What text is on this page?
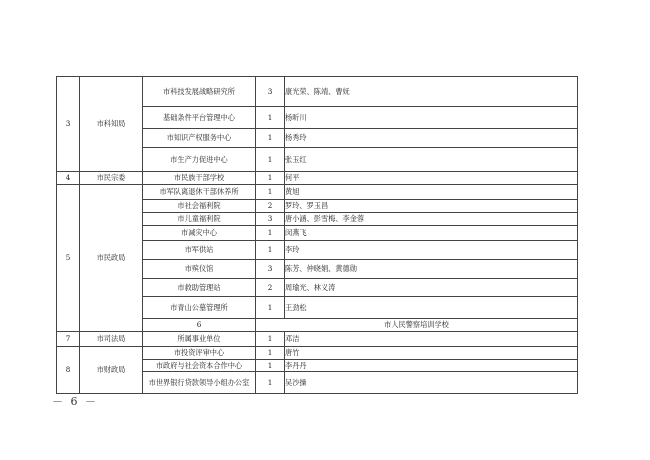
3	市科知局	市科技发展战略研究所	3	康光荣、陈靖、曹妩	
		基础条件平台管理中心	1	杨昕川	
		市知识产权服务中心	1	杨秀玲	
		市生产力促进中心	1	张玉红	
4	市民宗委	市民族干部学校	1	何平	
5	市民政局	市军队离退休干部休养所	1	黄旭	
		市社会福利院	2	罗玲、罗玉昌	
		市儿童福利院	3	唐小涵、彭雪梅、李金蓉	
		市减灾中心	1	闵燕飞	
		市军供站	1	李玲	
		市殡仪馆	3	陈芳、仲晓娟、黄德勋	
		市救助管理站	2	周瑜光、林义涛	
		市青山公墓管理所	1	王劲松	
		6	市人民警察培训学校		
7	市司法局	所属事业单位	1	邓洁	
8	市财政局	市投资评审中心	1	唐竹	
		市政府与社会资本合作中心	1	李丹丹	
		市世界银行贷款领导小组办公室	1	吴沙操	
－ 6 －
